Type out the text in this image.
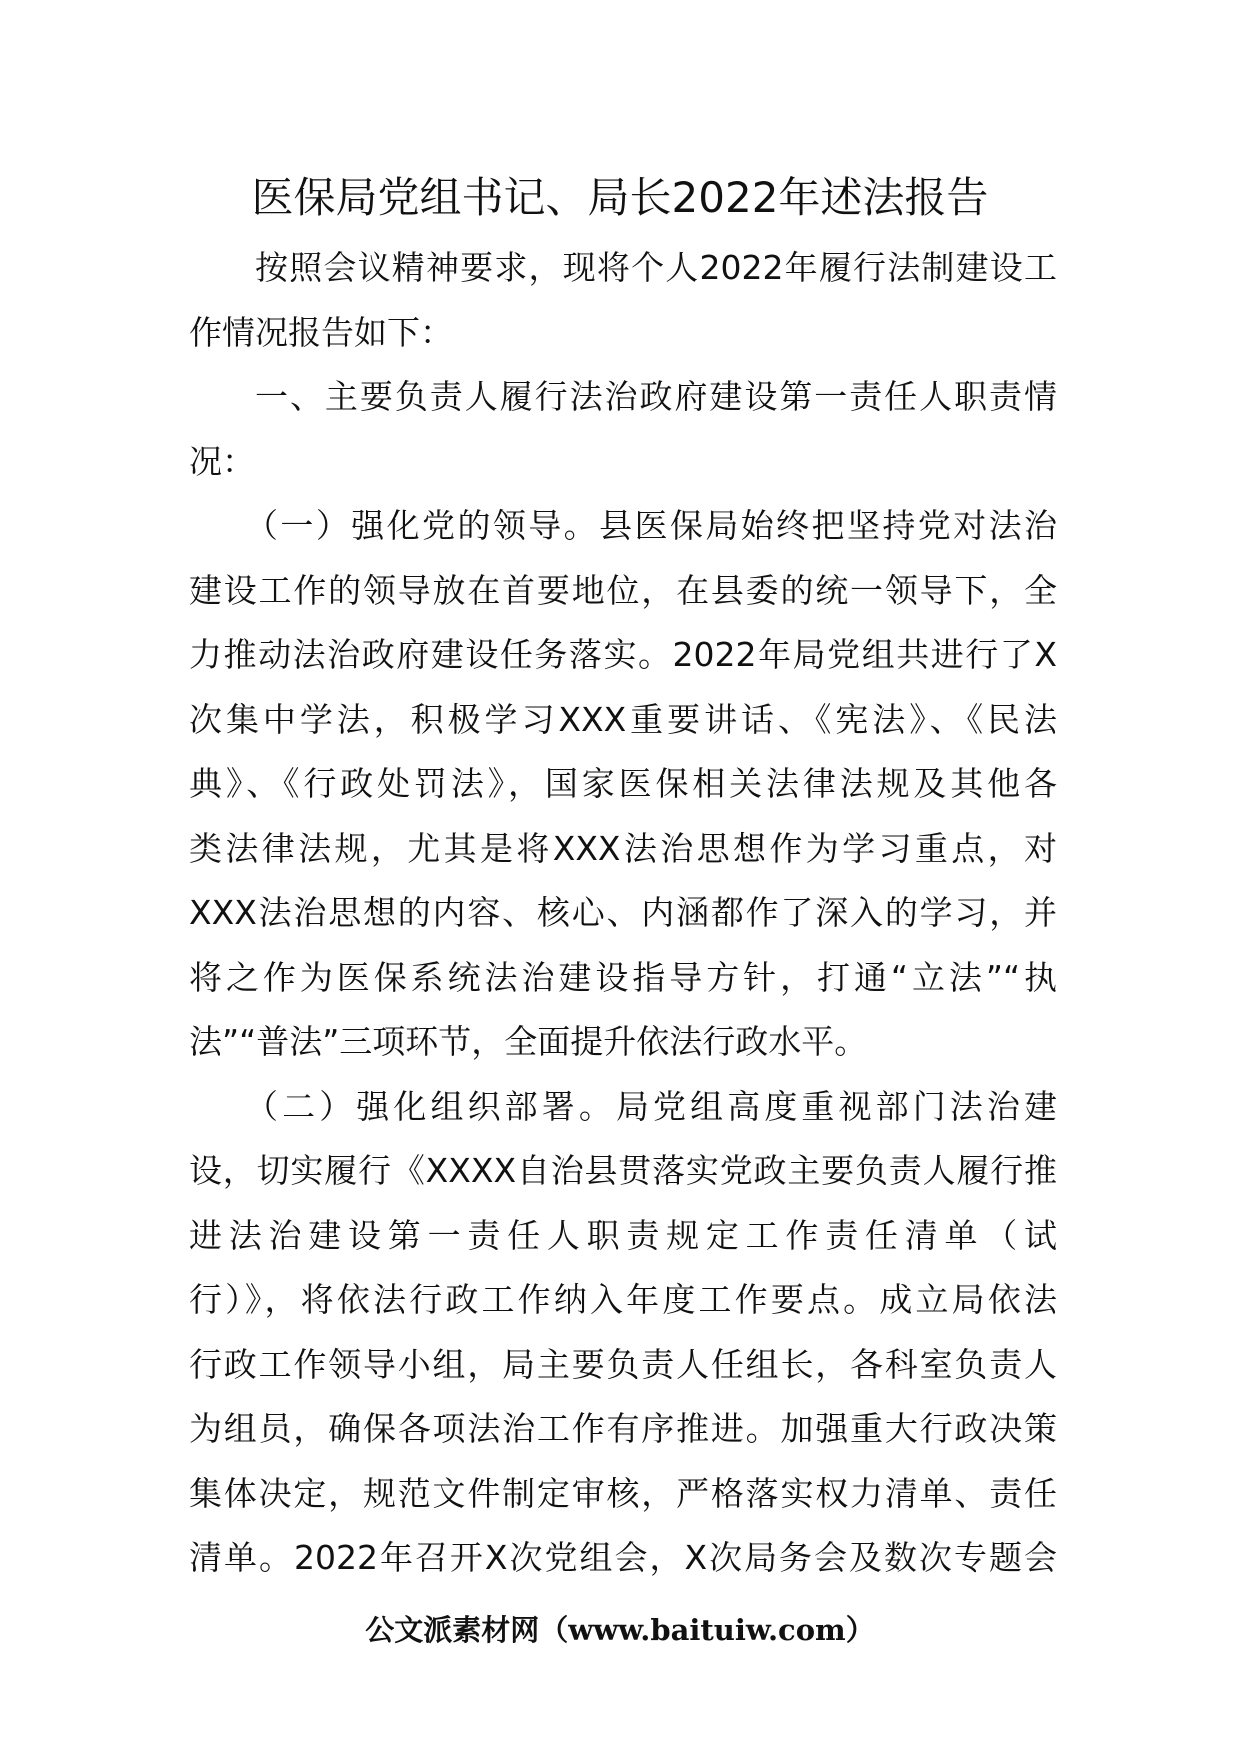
医保局党组书记、局长2022年述法报告
按照会议精神要求，现将个人2022年履行法制建设工
作情况报告如下：
一、主要负责人履行法治政府建设第一责任人职责情
况：
（一）强化党的领导。县医保局始终把坚持党对法治
建设工作的领导放在首要地位，在县委的统一领导下，全
力推动法治政府建设任务落实。2022年局党组共进行了X
次集中学法，积极学习XXX重要讲话、《宪法》、《民法
典》、《行政处罚法》，国家医保相关法律法规及其他各
类法律法规，尤其是将XXX法治思想作为学习重点，对
XXX法治思想的内容、核心、内涵都作了深入的学习，并
将之作为医保系统法治建设指导方针，打通“立法”“执
法”“普法”三项环节，全面提升依法行政水平。
（二）强化组织部署。局党组高度重视部门法治建
设，切实履行《XXXX自治县贯落实党政主要负责人履行推
进法治建设第一责任人职责规定工作责任清单（试
行）》，将依法行政工作纳入年度工作要点。成立局依法
行政工作领导小组，局主要负责人任组长，各科室负责人
为组员，确保各项法治工作有序推进。加强重大行政决策
集体决定，规范文件制定审核，严格落实权力清单、责任
清单。2022年召开X次党组会，X次局务会及数次专题会
公文派素材网（www.baituiw.com）
